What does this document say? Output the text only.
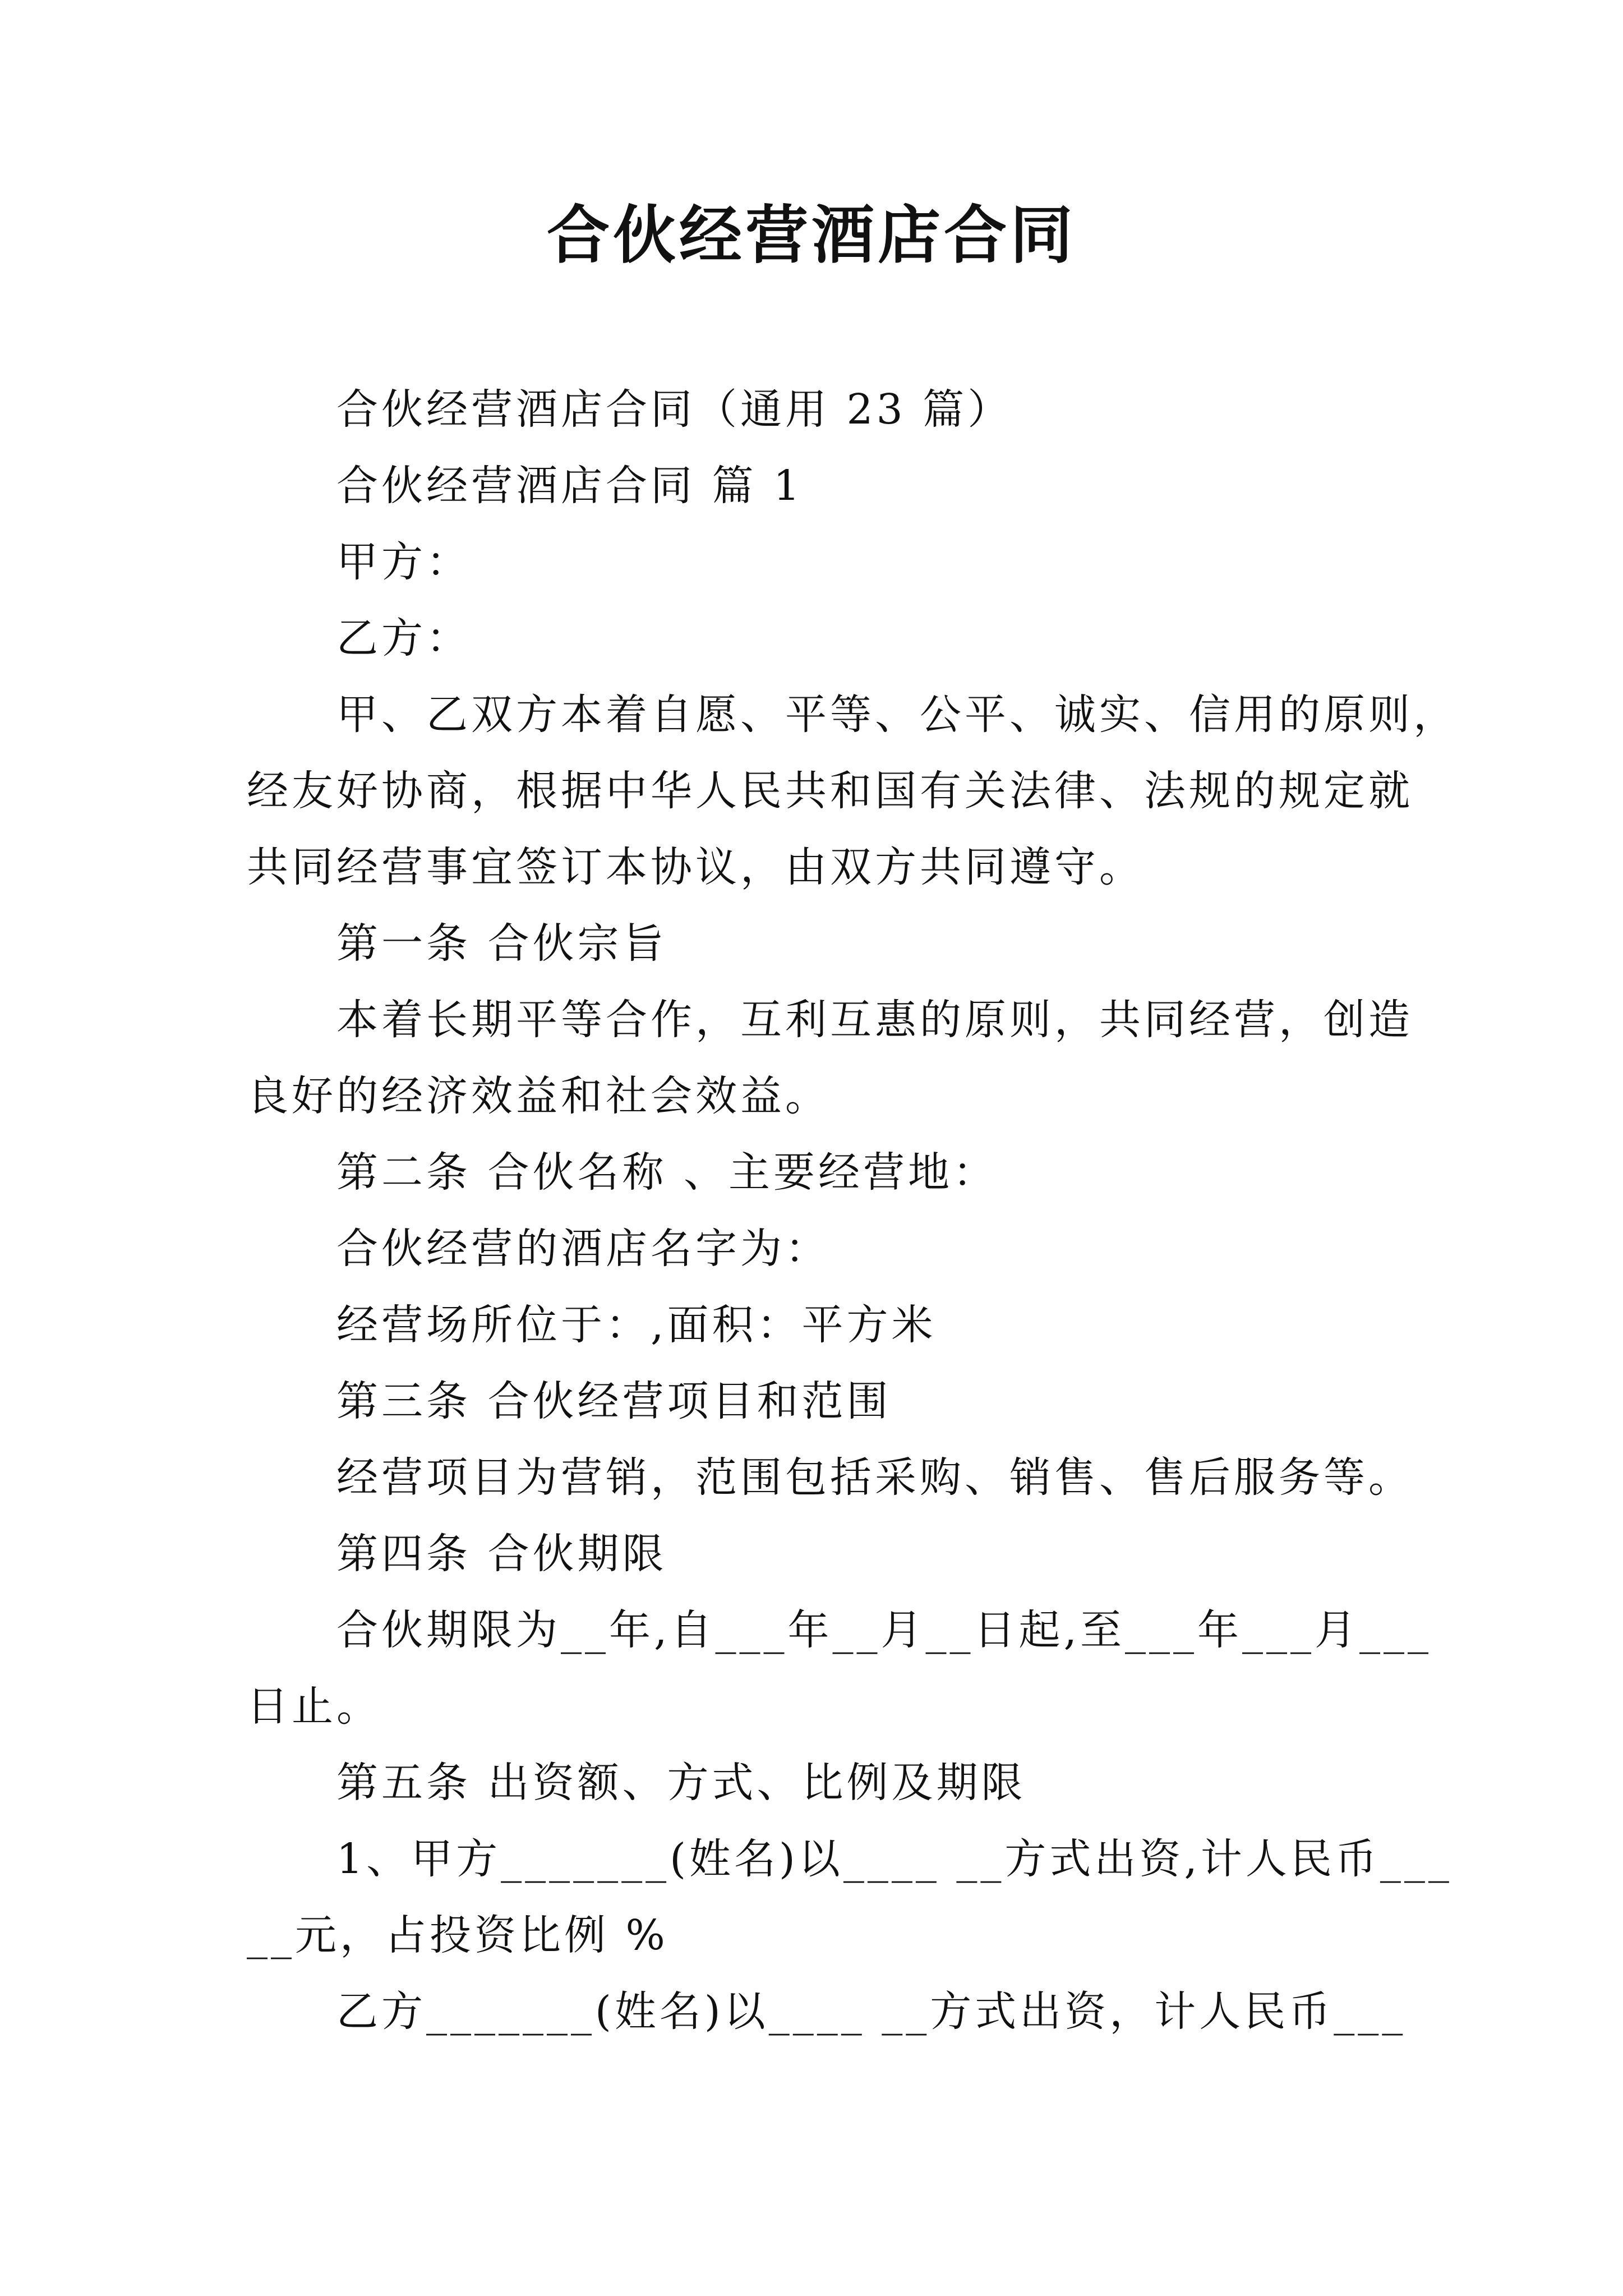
合伙经营酒店合同

合伙经营酒店合同（通用 23 篇）

合伙经营酒店合同 篇 1

甲方：

乙方：

甲、乙双方本着自愿、平等、公平、诚实、信用的原则，

经友好协商，根据中华人民共和国有关法律、法规的规定就

共同经营事宜签订本协议，由双方共同遵守。

第一条 合伙宗旨

本着长期平等合作，互利互惠的原则，共同经营，创造

良好的经济效益和社会效益。

第二条 合伙名称 、主要经营地：

合伙经营的酒店名字为：

经营场所位于：,面积：平方米

第三条 合伙经营项目和范围

经营项目为营销，范围包括采购、销售、售后服务等。

第四条 合伙期限

合伙期限为__年,自___年__月__日起,至___年___月___

日止。

第五条 出资额、方式、比例及期限

1、甲方_______(姓名)以____ __方式出资,计人民币___

__元，占投资比例 %

乙方_______(姓名)以____ __方式出资，计人民币___
